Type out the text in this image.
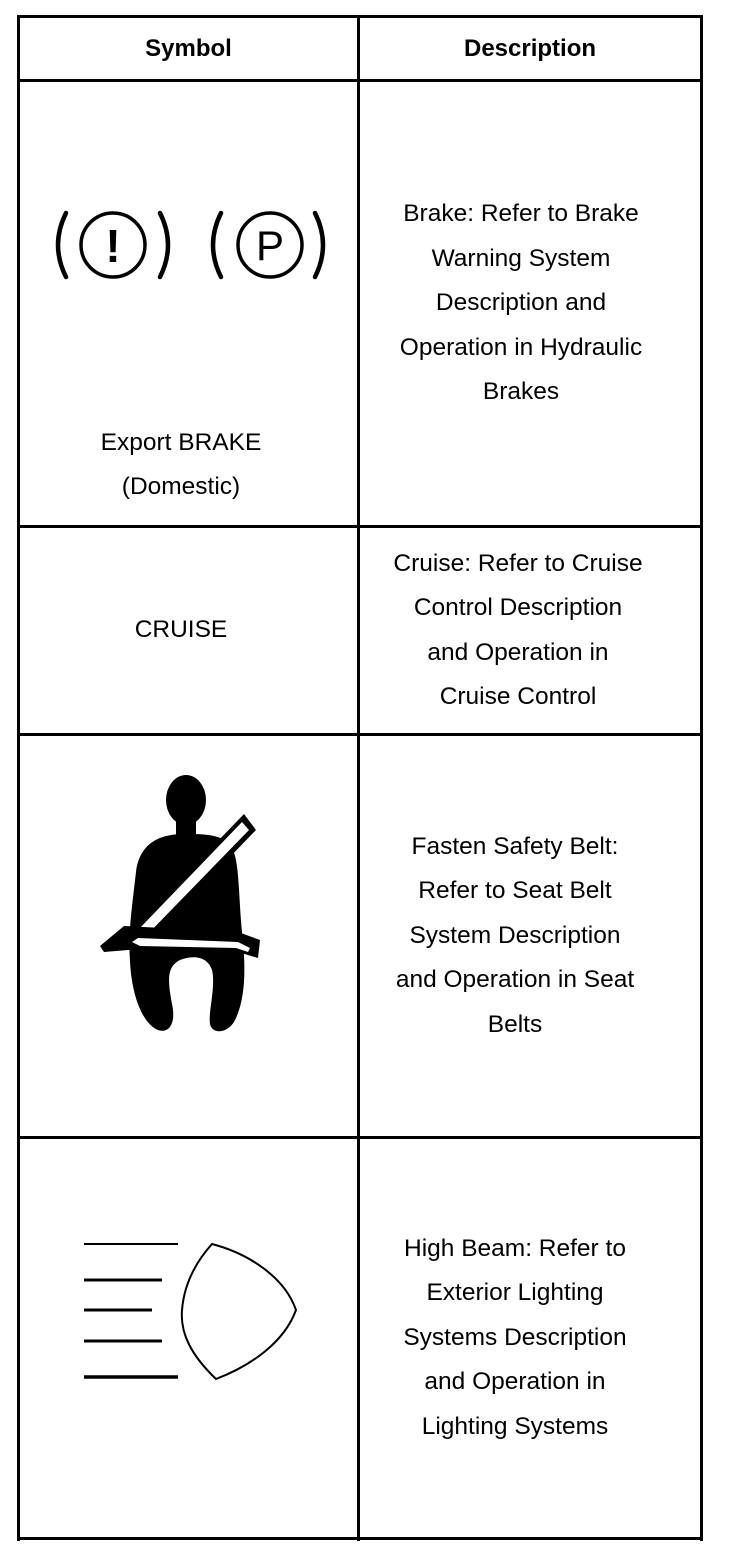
Symbol	Description
!	P
Export BRAKE
(Domestic)
Brake: Refer to Brake
Warning System
Description and
Operation in Hydraulic
Brakes
CRUISE
Cruise: Refer to Cruise
Control Description
and Operation in
Cruise Control
Fasten Safety Belt:
Refer to Seat Belt
System Description
and Operation in Seat
Belts
High Beam: Refer to
Exterior Lighting
Systems Description
and Operation in
Lighting Systems
